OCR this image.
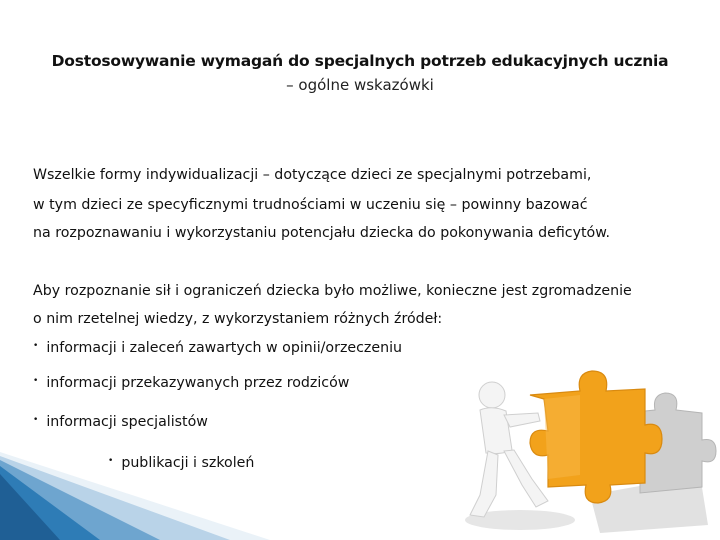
Dostosowywanie wymagań do specjalnych potrzeb edukacyjnych ucznia
– ogólne wskazówki
Wszelkie formy indywidualizacji – dotyczące dzieci ze specjalnymi potrzebami,
w tym dzieci ze specyficznymi trudnościami w uczeniu się – powinny bazować
na rozpoznawaniu i wykorzystaniu potencjału dziecka do pokonywania deficytów.
Aby rozpoznanie sił i ograniczeń dziecka było możliwe, konieczne jest zgromadzenie
o nim rzetelnej wiedzy, z wykorzystaniem różnych źródeł:
• informacji i zaleceń zawartych w opinii/orzeczeniu
• informacji przekazywanych przez rodziców
• informacji specjalistów
• publikacji i szkoleń
